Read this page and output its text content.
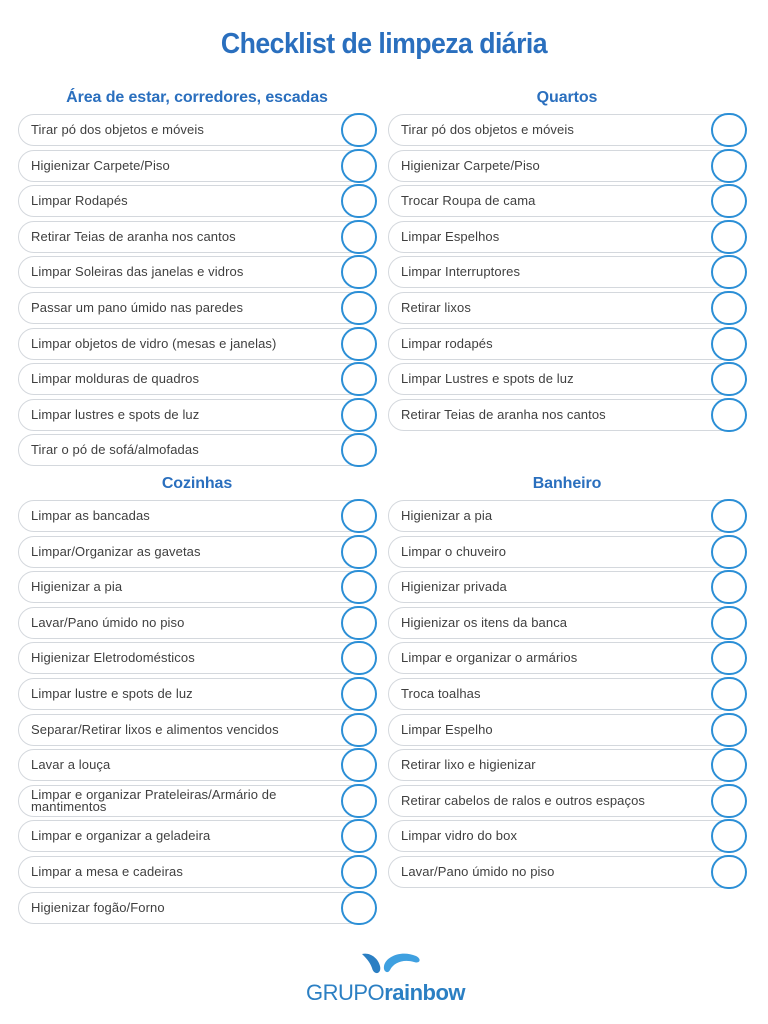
Checklist de limpeza diária
Área de estar, corredores, escadas
Tirar pó dos objetos e móveis
Higienizar Carpete/Piso
Limpar Rodapés
Retirar Teias de aranha nos cantos
Limpar Soleiras das janelas e vidros
Passar um pano úmido nas paredes
Limpar objetos de vidro (mesas e janelas)
Limpar molduras de quadros
Limpar lustres e spots de luz
Tirar o pó de sofá/almofadas
Quartos
Tirar pó dos objetos e móveis
Higienizar Carpete/Piso
Trocar Roupa de cama
Limpar Espelhos
Limpar Interruptores
Retirar lixos
Limpar rodapés
Limpar Lustres e spots de luz
Retirar Teias de aranha nos cantos
Cozinhas
Limpar as bancadas
Limpar/Organizar as gavetas
Higienizar a pia
Lavar/Pano úmido no piso
Higienizar Eletrodomésticos
Limpar lustre e spots de luz
Separar/Retirar lixos e alimentos vencidos
Lavar a louça
Limpar e organizar Prateleiras/Armário de mantimentos
Limpar e organizar a geladeira
Limpar a mesa e cadeiras
Higienizar fogão/Forno
Banheiro
Higienizar a pia
Limpar o chuveiro
Higienizar privada
Higienizar os itens da banca
Limpar e organizar o armários
Troca toalhas
Limpar Espelho
Retirar lixo e higienizar
Retirar cabelos de ralos e outros espaços
Limpar vidro do box
Lavar/Pano úmido no piso
GRUPOrainbow
